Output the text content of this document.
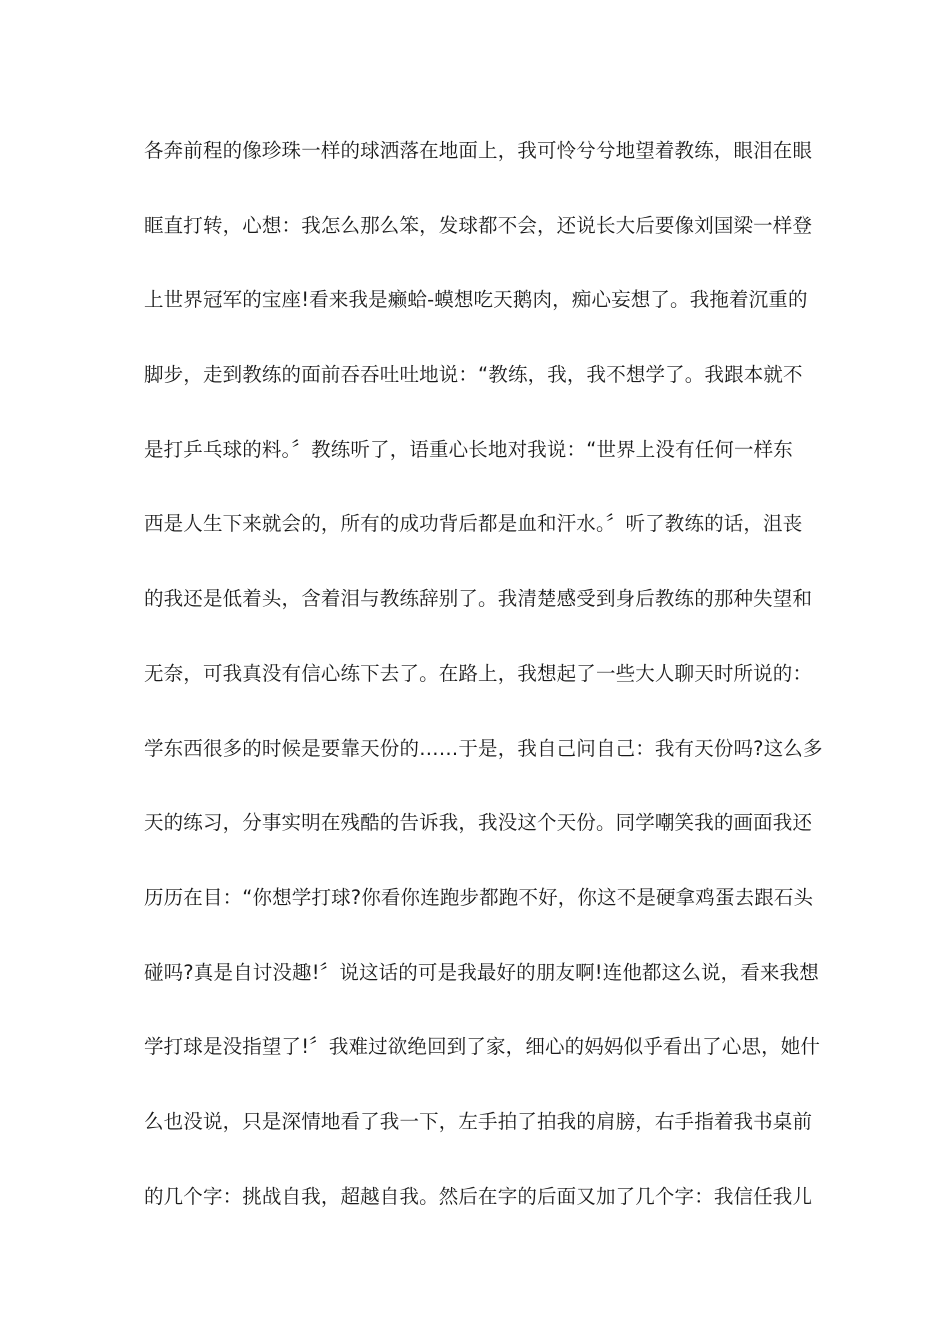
各奔前程的像珍珠一样的球洒落在地面上，我可怜兮兮地望着教练，眼泪在眼
眶直打转，心想：我怎么那么笨，发球都不会，还说长大后要像刘国梁一样登
上世界冠军的宝座!看来我是癞蛤-蟆想吃天鹅肉，痴心妄想了。我拖着沉重的
脚步，走到教练的面前吞吞吐吐地说：“教练，我，我不想学了。我跟本就不
是打乒乓球的料。〞教练听了，语重心长地对我说：“世界上没有任何一样东
西是人生下来就会的，所有的成功背后都是血和汗水。〞听了教练的话，沮丧
的我还是低着头，含着泪与教练辞别了。我清楚感受到身后教练的那种失望和
无奈，可我真没有信心练下去了。在路上，我想起了一些大人聊天时所说的：
学东西很多的时候是要靠天份的……于是，我自己问自己：我有天份吗?这么多
天的练习，分事实明在残酷的告诉我，我没这个天份。同学嘲笑我的画面我还
历历在目：“你想学打球?你看你连跑步都跑不好，你这不是硬拿鸡蛋去跟石头
碰吗?真是自讨没趣!〞说这话的可是我最好的朋友啊!连他都这么说，看来我想
学打球是没指望了!〞我难过欲绝回到了家，细心的妈妈似乎看出了心思，她什
么也没说，只是深情地看了我一下，左手拍了拍我的肩膀，右手指着我书桌前
的几个字：挑战自我，超越自我。然后在字的后面又加了几个字：我信任我儿
